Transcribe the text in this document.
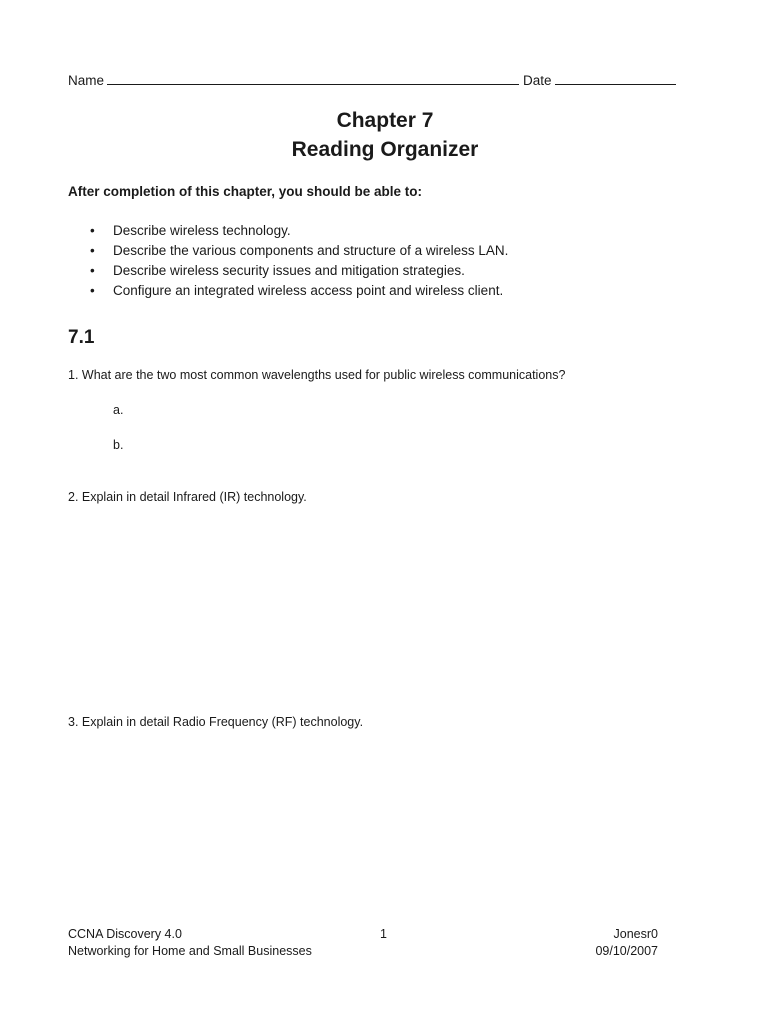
Name	Date
Chapter 7
Reading Organizer
After completion of this chapter, you should be able to:
• Describe wireless technology.
• Describe the various components and structure of a wireless LAN.
• Describe wireless security issues and mitigation strategies.
• Configure an integrated wireless access point and wireless client.
7.1
1. What are the two most common wavelengths used for public wireless communications?
a.
b.
2. Explain in detail Infrared (IR) technology.
3. Explain in detail Radio Frequency (RF) technology.
CCNA Discovery 4.0
Networking for Home and Small Businesses
1	Jonesr0
09/10/2007
